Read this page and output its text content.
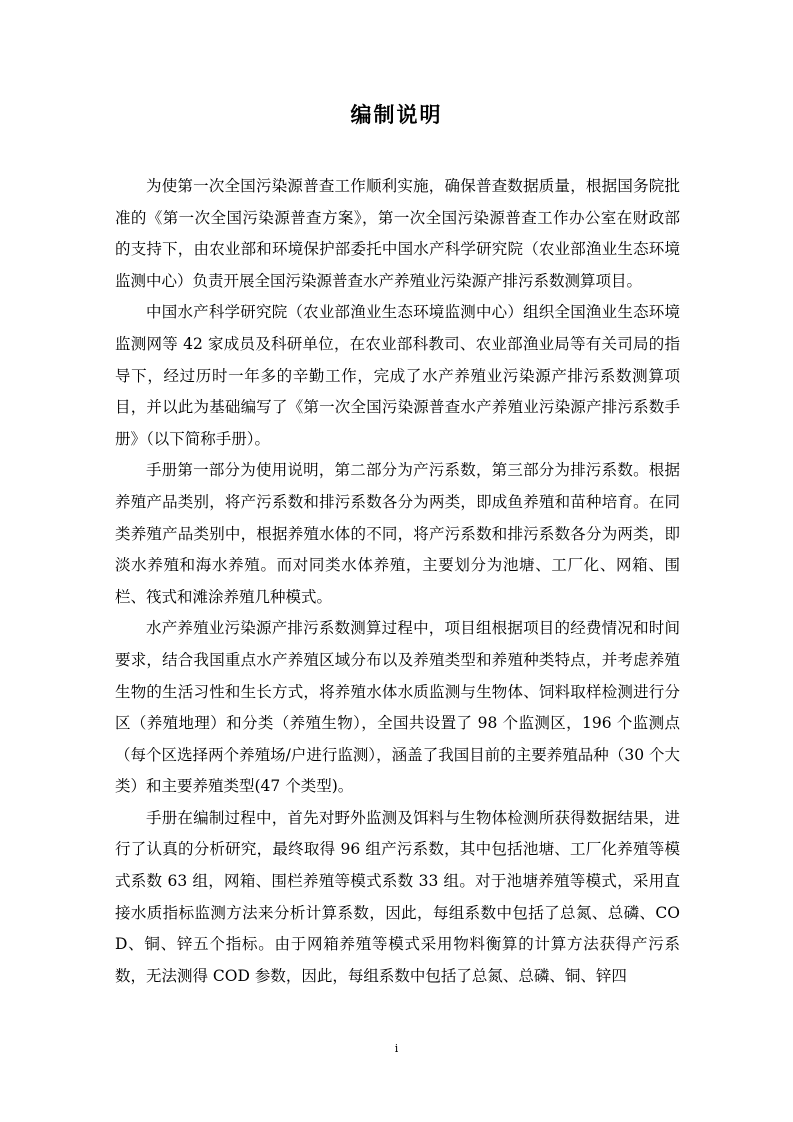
编制说明

为使第一次全国污染源普查工作顺利实施，确保普查数据质量，根据国务院批准的《第一次全国污染源普查方案》，第一次全国污染源普查工作办公室在财政部的支持下，由农业部和环境保护部委托中国水产科学研究院（农业部渔业生态环境监测中心）负责开展全国污染源普查水产养殖业污染源产排污系数测算项目。

中国水产科学研究院（农业部渔业生态环境监测中心）组织全国渔业生态环境监测网等 42 家成员及科研单位，在农业部科教司、农业部渔业局等有关司局的指导下，经过历时一年多的辛勤工作，完成了水产养殖业污染源产排污系数测算项目，并以此为基础编写了《第一次全国污染源普查水产养殖业污染源产排污系数手册》（以下简称手册）。

手册第一部分为使用说明，第二部分为产污系数，第三部分为排污系数。根据养殖产品类别，将产污系数和排污系数各分为两类，即成鱼养殖和苗种培育。在同类养殖产品类别中，根据养殖水体的不同，将产污系数和排污系数各分为两类，即淡水养殖和海水养殖。而对同类水体养殖，主要划分为池塘、工厂化、网箱、围栏、筏式和滩涂养殖几种模式。

水产养殖业污染源产排污系数测算过程中，项目组根据项目的经费情况和时间要求，结合我国重点水产养殖区域分布以及养殖类型和养殖种类特点，并考虑养殖生物的生活习性和生长方式，将养殖水体水质监测与生物体、饲料取样检测进行分区（养殖地理）和分类（养殖生物），全国共设置了 98 个监测区，196 个监测点（每个区选择两个养殖场/户进行监测），涵盖了我国目前的主要养殖品种（30 个大类）和主要养殖类型(47 个类型)。

手册在编制过程中，首先对野外监测及饵料与生物体检测所获得数据结果，进行了认真的分析研究，最终取得 96 组产污系数，其中包括池塘、工厂化养殖等模式系数 63 组，网箱、围栏养殖等模式系数 33 组。对于池塘养殖等模式，采用直接水质指标监测方法来分析计算系数，因此，每组系数中包括了总氮、总磷、COD、铜、锌五个指标。由于网箱养殖等模式采用物料衡算的计算方法获得产污系数，无法测得 COD 参数，因此，每组系数中包括了总氮、总磷、铜、锌四

i
